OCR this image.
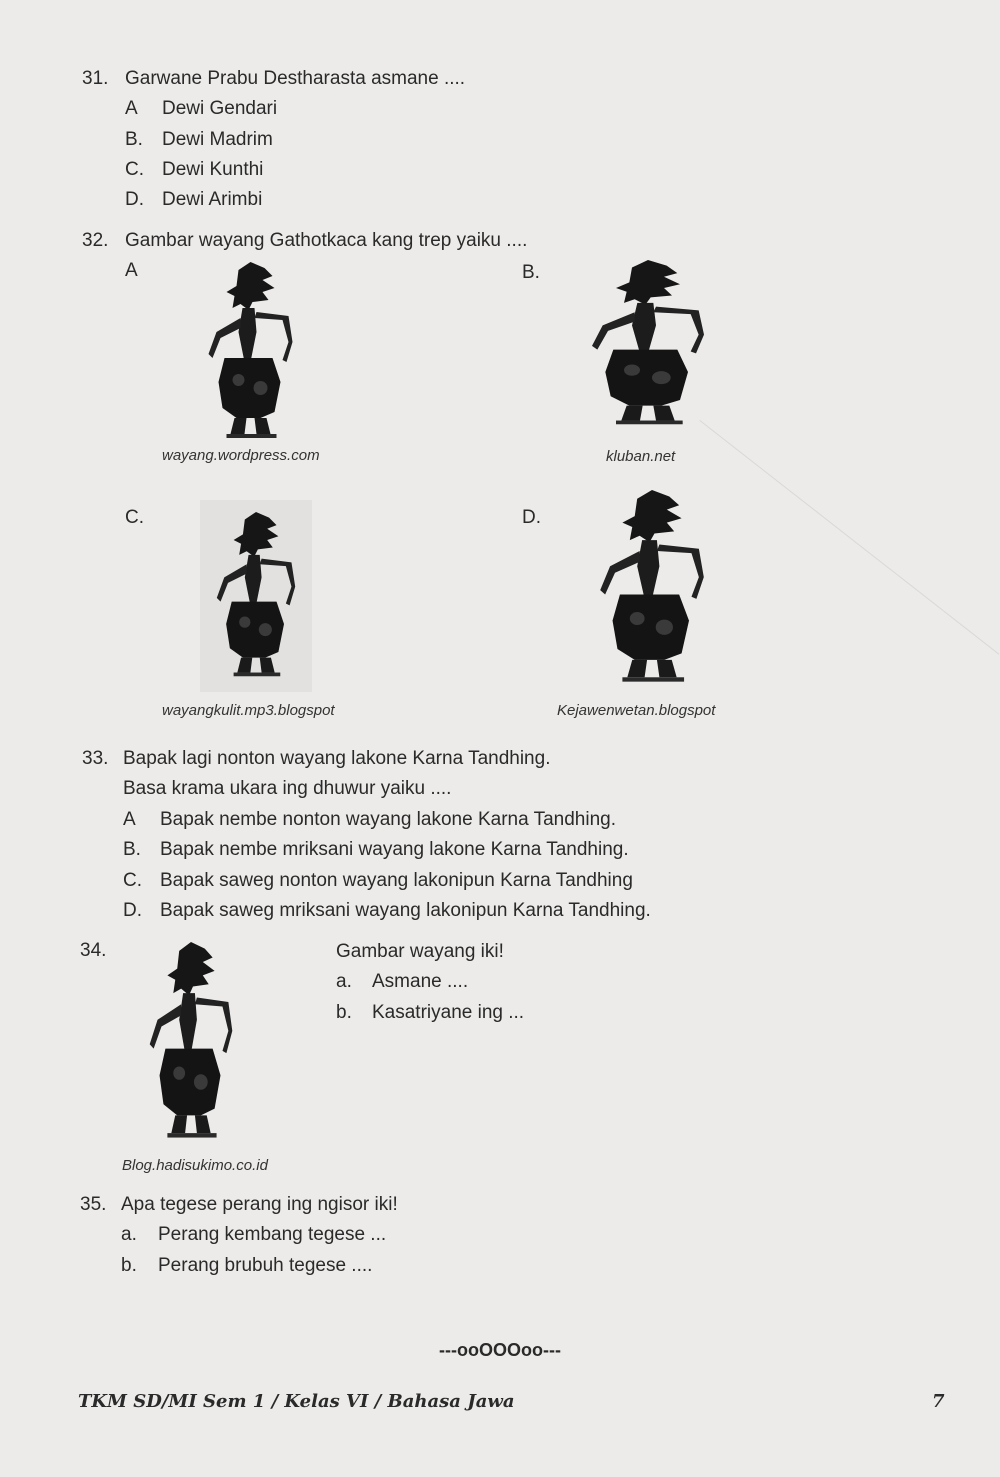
31. Garwane Prabu Destharasta asmane ....
A Dewi Gendari
B. Dewi Madrim
C. Dewi Kunthi
D. Dewi Arimbi
32. Gambar wayang Gathotkaca kang trep yaiku ....
A
wayang.wordpress.com
B.
kluban.net
C.
wayangkulit.mp3.blogspot
D.
Kejawenwetan.blogspot
33. Bapak lagi nonton wayang lakone Karna Tandhing.
Basa krama ukara ing dhuwur yaiku ....
A Bapak nembe nonton wayang lakone Karna Tandhing.
B. Bapak nembe mriksani wayang lakone Karna Tandhing.
C. Bapak saweg nonton wayang lakonipun Karna Tandhing
D. Bapak saweg mriksani wayang lakonipun Karna Tandhing.
34.
Blog.hadisukimo.co.id
Gambar wayang iki!
a. Asmane ....
b. Kasatriyane ing ...
35. Apa tegese perang ing ngisor iki!
a. Perang kembang tegese ...
b. Perang brubuh tegese ....
---ooOOOoo---
TKM SD/MI Sem 1 / Kelas VI / Bahasa Jawa	7
